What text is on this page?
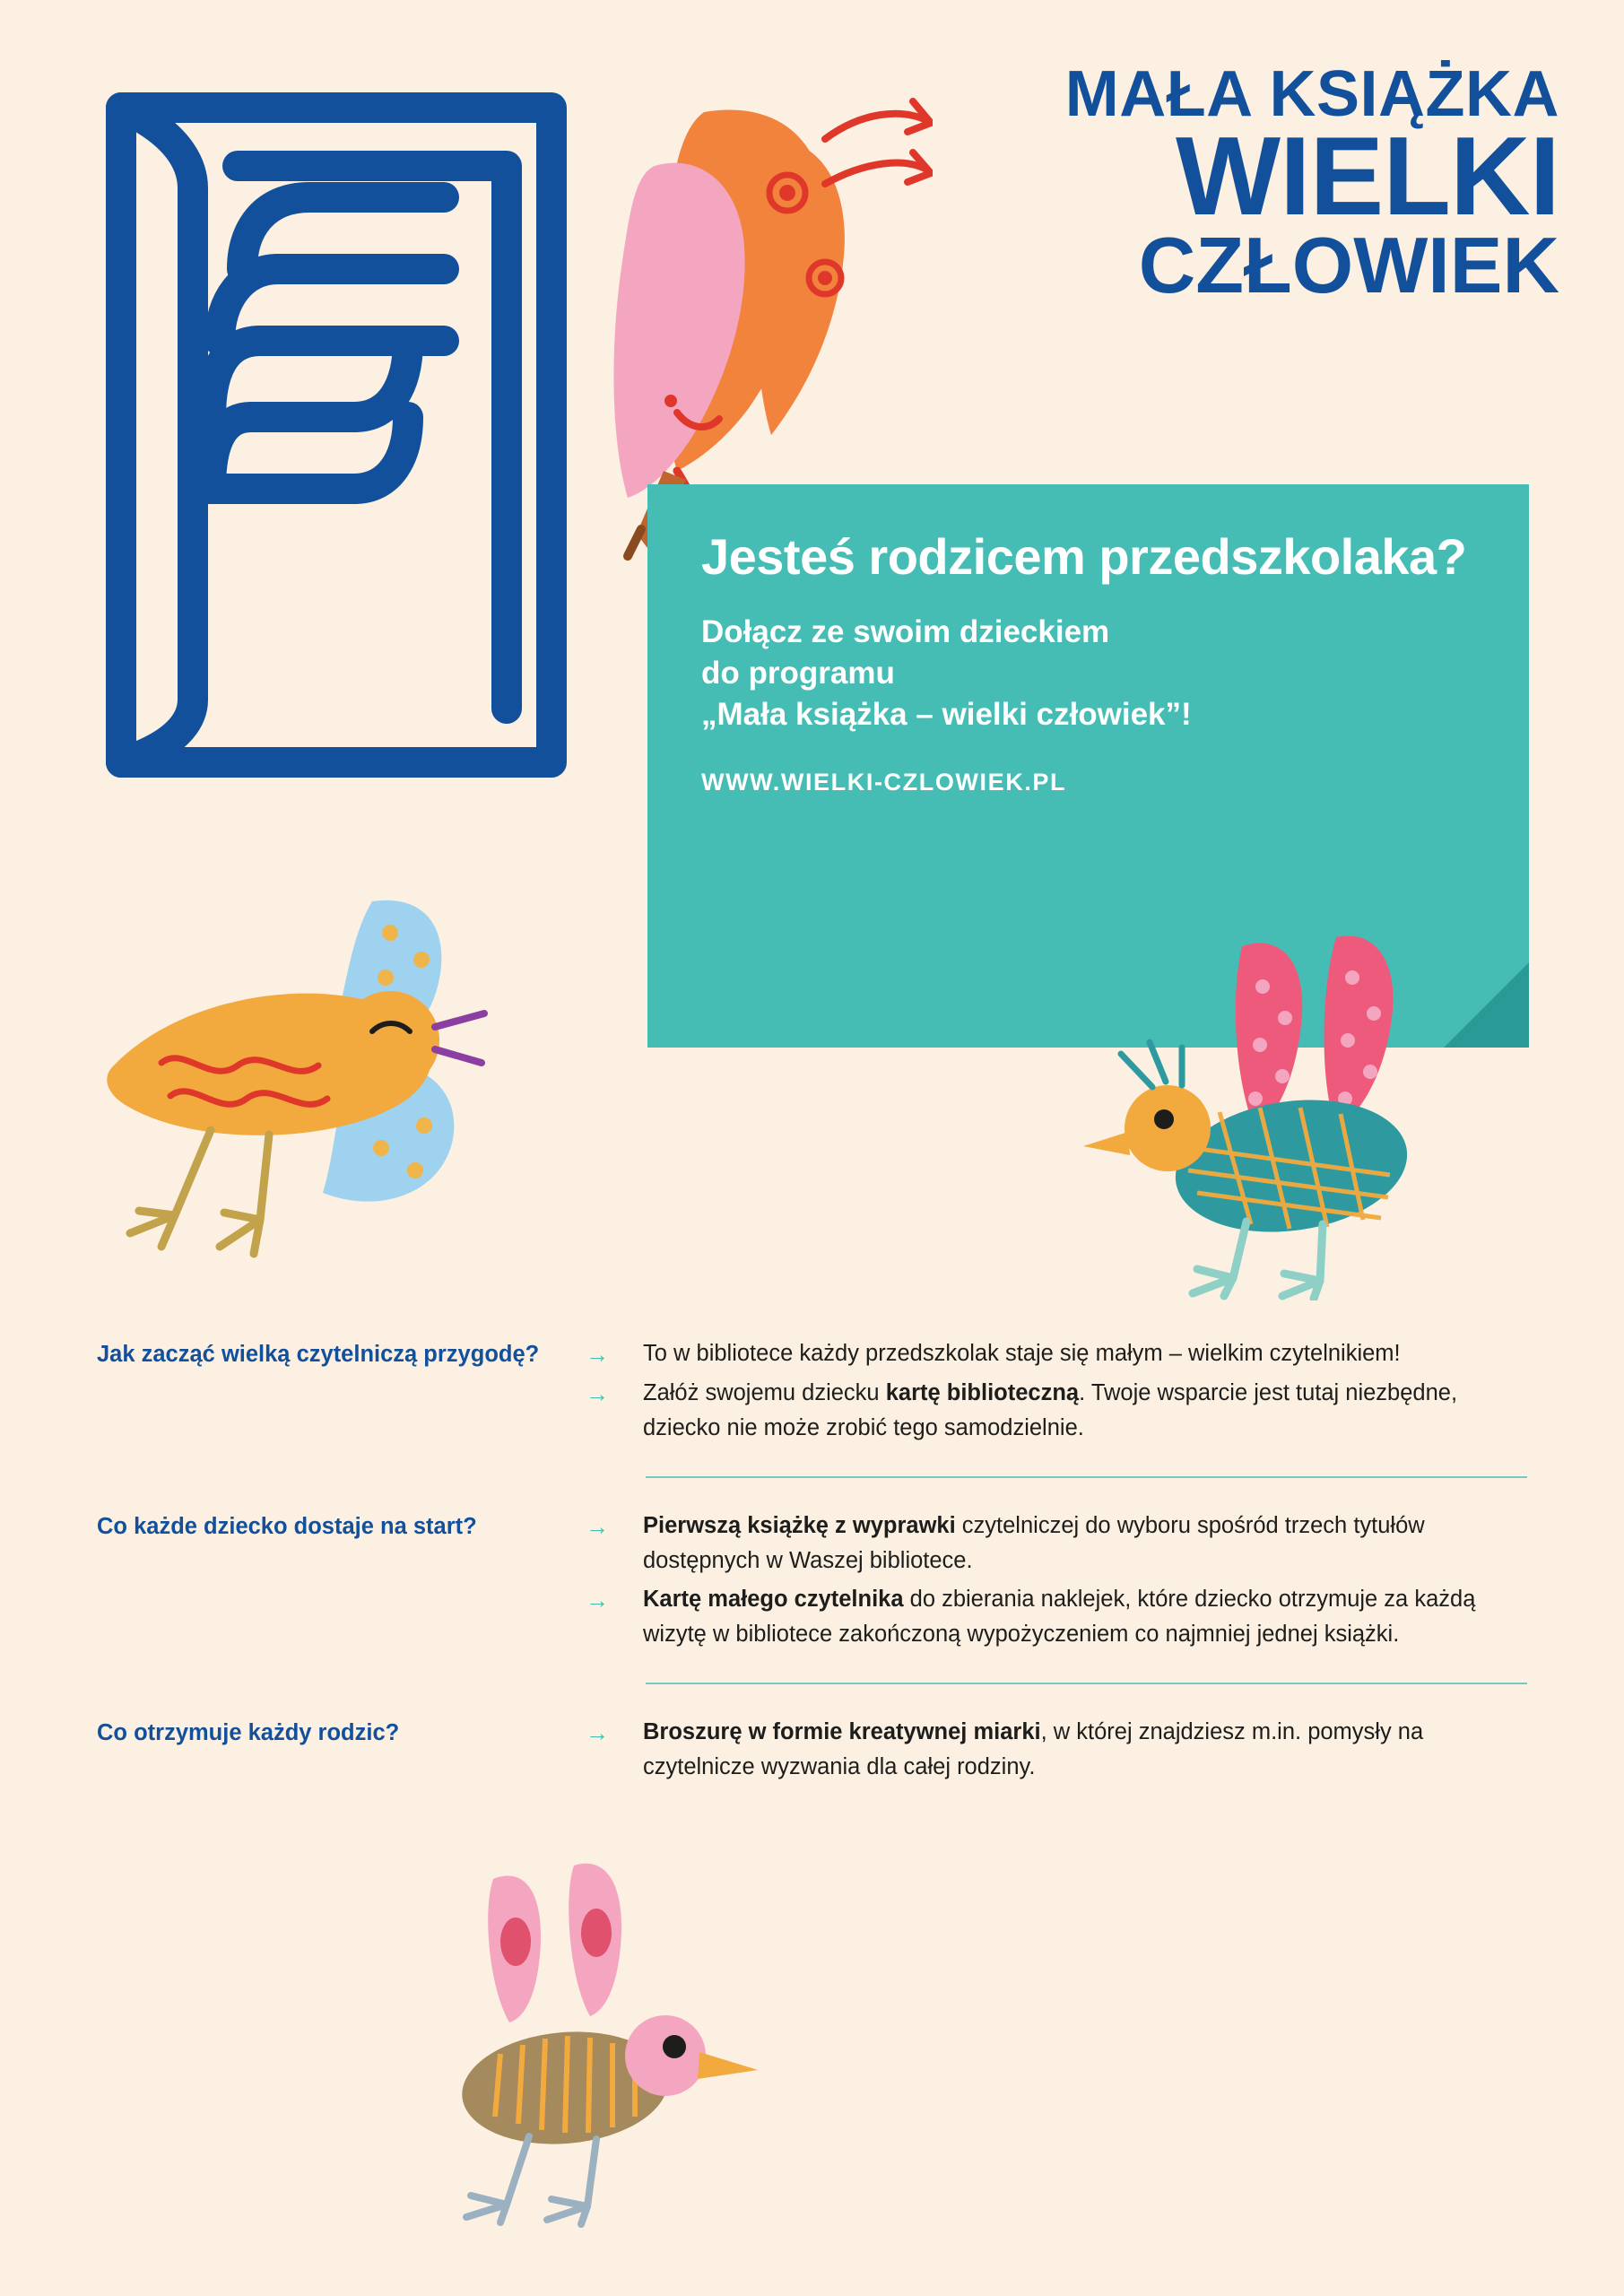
MAŁA KSIĄŻKA
WIELKI
CZŁOWIEK
Jesteś rodzicem przedszkolaka?
Dołącz ze swoim dzieckiem
do programu
„Mała książka – wielki człowiek”!
WWW.WIELKI-CZLOWIEK.PL
Jak zacząć wielką czytelniczą przygodę?	→	To w bibliotece każdy przedszkolak staje się małym – wielkim czytelnikiem!
→	Załóż swojemu dziecku kartę biblioteczną. Twoje wsparcie jest tutaj niezbędne, dziecko nie może zrobić tego samodzielnie.
Co każde dziecko dostaje na start?	→	Pierwszą książkę z wyprawki czytelniczej do wyboru spośród trzech tytułów dostępnych w Waszej bibliotece.
→	Kartę małego czytelnika do zbierania naklejek, które dziecko otrzymuje za każdą wizytę w bibliotece zakończoną wypożyczeniem co najmniej jednej książki.
Co otrzymuje każdy rodzic?	→	Broszurę w formie kreatywnej miarki, w której znajdziesz m.in. pomysły na czytelnicze wyzwania dla całej rodziny.
